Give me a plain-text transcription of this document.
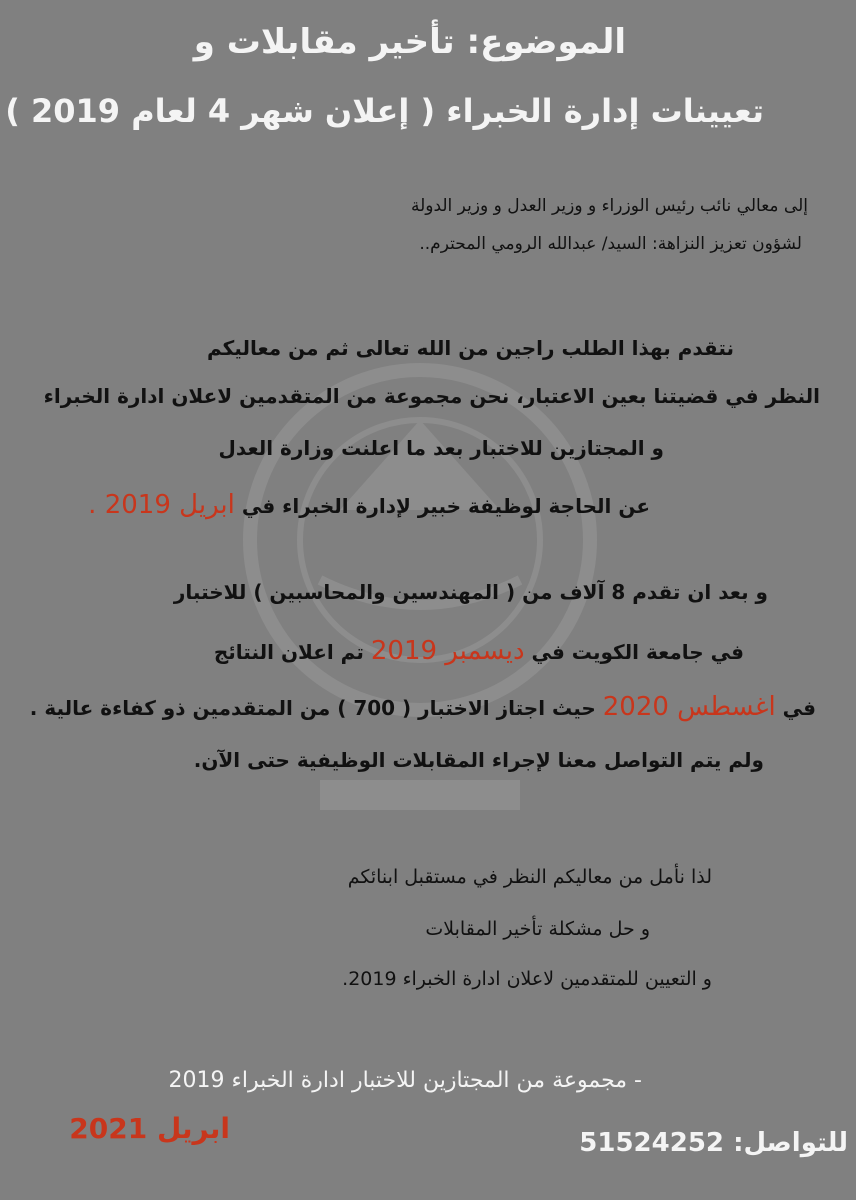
الموضوع: تأخير مقابلات و
تعيينات إدارة الخبراء ( إعلان شهر 4 لعام 2019 )
إلى معالي نائب رئيس الوزراء و وزير العدل و وزير الدولة
لشؤون تعزيز النزاهة: السيد/ عبدالله الرومي المحترم..
نتقدم بهذا الطلب راجين من الله تعالى ثم من معاليكم
النظر في قضيتنا بعين الاعتبار، نحن مجموعة من المتقدمين لاعلان ادارة الخبراء
و المجتازين للاختبار بعد ما اعلنت وزارة العدل
عن الحاجة لوظيفة خبير لإدارة الخبراء في ابريل 2019 .
و بعد ان تقدم 8 آلاف من ( المهندسين والمحاسبين ) للاختبار
في جامعة الكويت في ديسمبر 2019 تم اعلان النتائج
في اغسطس 2020 حيث اجتاز الاختبار ( 700 ) من المتقدمين ذو كفاءة عالية .
ولم يتم التواصل معنا لإجراء المقابلات الوظيفية حتى الآن.
لذا نأمل من معاليكم النظر في مستقبل ابنائكم
و حل مشكلة تأخير المقابلات
و التعيين للمتقدمين لاعلان ادارة الخبراء 2019.
- مجموعة من المجتازين للاختبار ادارة الخبراء 2019
ابريل 2021	للتواصل: 51524252
